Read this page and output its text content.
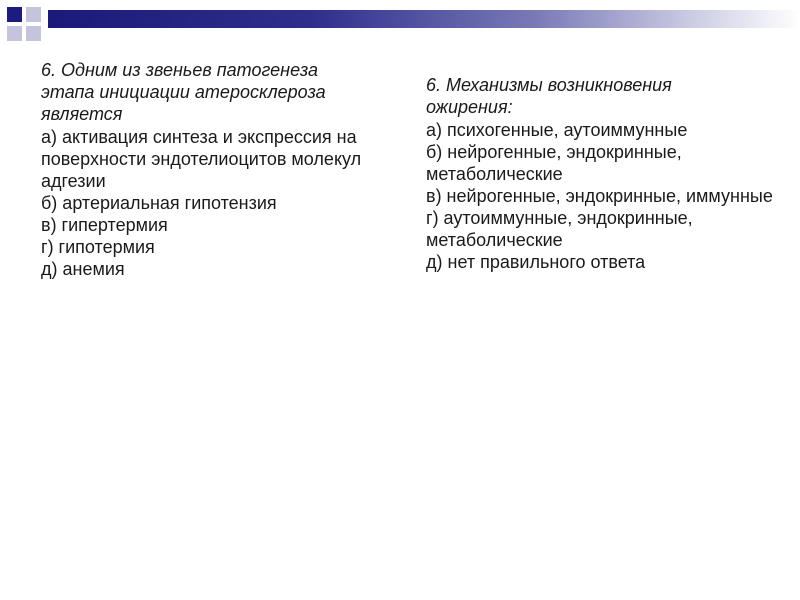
6. Одним из звеньев патогенеза
этапа инициации атеросклероза
является
а) активация синтеза и экспрессия на поверхности эндотелиоцитов молекул адгезии
б) артериальная гипотензия
в) гипертермия
г) гипотермия
д) анемия
6. Механизмы возникновения
ожирения:
а) психогенные, аутоиммунные
б) нейрогенные, эндокринные, метаболические
в) нейрогенные, эндокринные, иммунные
г) аутоиммунные, эндокринные, метаболические
д) нет правильного ответа
